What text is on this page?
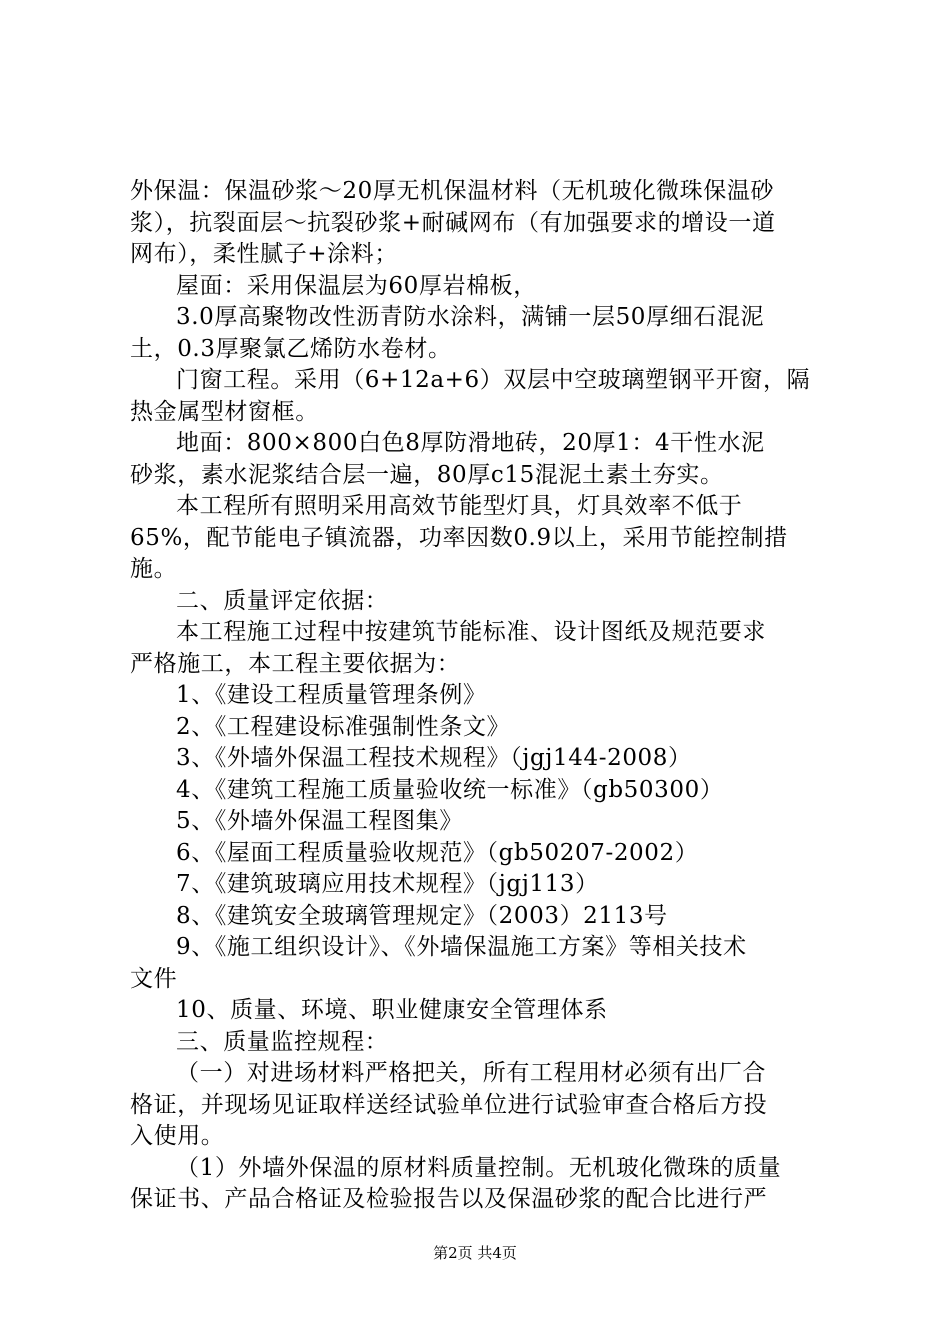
外保温：保温砂浆～20厚无机保温材料（无机玻化微珠保温砂

浆），抗裂面层～抗裂砂浆+耐碱网布（有加强要求的增设一道

网布），柔性腻子+涂料；

屋面：采用保温层为60厚岩棉板，

3.0厚高聚物改性沥青防水涂料，满铺一层50厚细石混泥

土，0.3厚聚氯乙烯防水卷材。

门窗工程。采用（6+12a+6）双层中空玻璃塑钢平开窗，隔

热金属型材窗框。

地面：800×800白色8厚防滑地砖，20厚1：4干性水泥

砂浆，素水泥浆结合层一遍，80厚c15混泥土素土夯实。

本工程所有照明采用高效节能型灯具，灯具效率不低于

65%，配节能电子镇流器，功率因数0.9以上，采用节能控制措

施。

二、质量评定依据：

本工程施工过程中按建筑节能标准、设计图纸及规范要求

严格施工，本工程主要依据为：

1、《建设工程质量管理条例》

2、《工程建设标准强制性条文》

3、《外墙外保温工程技术规程》（jgj144-2008）

4、《建筑工程施工质量验收统一标准》（gb50300）

5、《外墙外保温工程图集》

6、《屋面工程质量验收规范》（gb50207-2002）

7、《建筑玻璃应用技术规程》（jgj113）

8、《建筑安全玻璃管理规定》（2003）2113号

9、《施工组织设计》、《外墙保温施工方案》等相关技术

文件

10、质量、环境、职业健康安全管理体系

三、质量监控规程：

（一）对进场材料严格把关，所有工程用材必须有出厂合

格证，并现场见证取样送经试验单位进行试验审查合格后方投

入使用。

（1）外墙外保温的原材料质量控制。无机玻化微珠的质量

保证书、产品合格证及检验报告以及保温砂浆的配合比进行严

第2页 共4页
